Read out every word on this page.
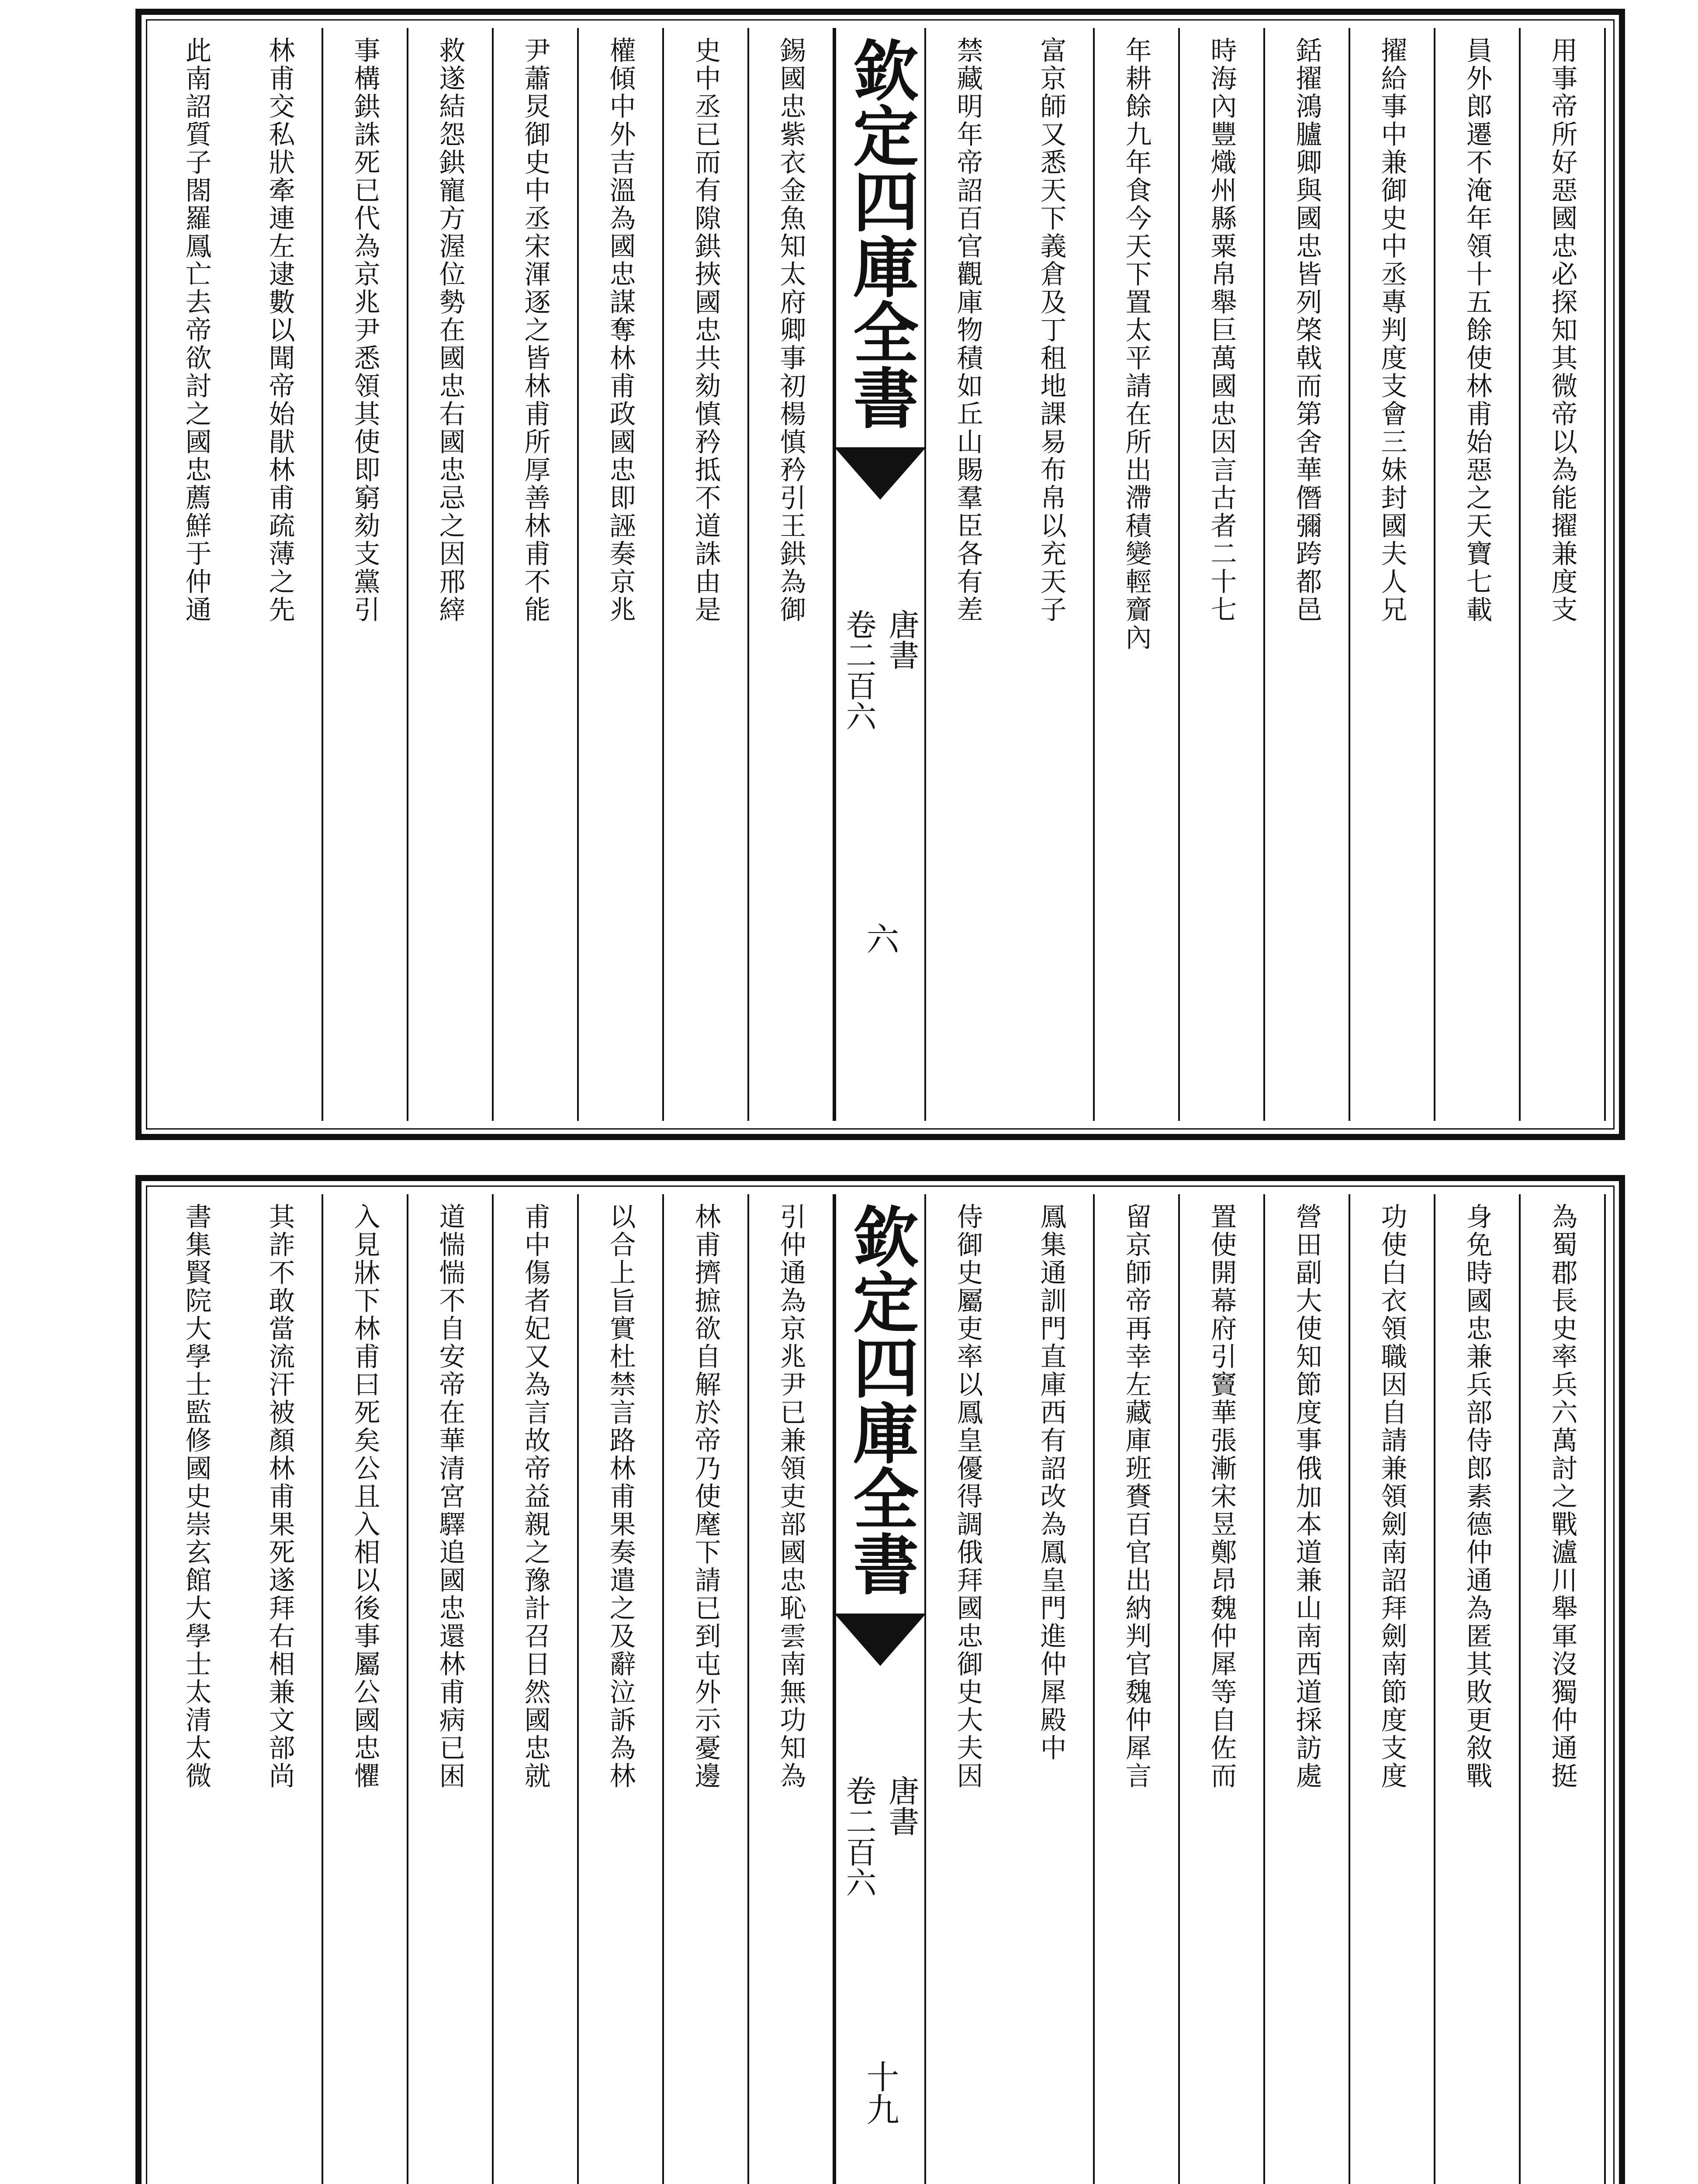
用事帝所好惡國忠必探知其微帝以為能擢兼度支
員外郎遷不淹年領十五餘使林甫始惡之天寶七載
擢給事中兼御史中丞專判度支會三妹封國夫人兄
銛擢鴻臚卿與國忠皆列棨戟而第舍華僭彌跨都邑
時海內豐熾州縣粟帛舉巨萬國忠因言古者二十七
年耕餘九年食今天下置太平請在所出滯積變輕齎內
富京師又悉天下義倉及丁租地課易布帛以充天子
禁藏明年帝詔百官觀庫物積如丘山賜羣臣各有差
欽定四庫全書
唐書
卷二百六
六
錫國忠紫衣金魚知太府卿事初楊慎矜引王鉷為御
史中丞已而有隙鉷挾國忠共劾慎矜抵不道誅由是
權傾中外吉溫為國忠謀奪林甫政國忠即誣奏京兆
尹蕭炅御史中丞宋渾逐之皆林甫所厚善林甫不能
救遂結怨鉷寵方渥位勢在國忠右國忠忌之因邢縡
事構鉷誅死已代為京兆尹悉領其使即窮劾支黨引
林甫交私狀牽連左逮數以聞帝始猒林甫疏薄之先
此南詔質子閤羅鳳亡去帝欲討之國忠薦鮮于仲通
為蜀郡長史率兵六萬討之戰瀘川舉軍沒獨仲通挺
身免時國忠兼兵部侍郎素德仲通為匿其敗更敘戰
功使白衣領職因自請兼領劍南詔拜劍南節度支度
營田副大使知節度事俄加本道兼山南西道採訪處
置使開幕府引竇華張漸宋昱鄭昂魏仲犀等自佐而
留京師帝再幸左藏庫班賚百官出納判官魏仲犀言
鳳集通訓門直庫西有詔改為鳳皇門進仲犀殿中
侍御史屬吏率以鳳皇優得調俄拜國忠御史大夫因
欽定四庫全書
唐書
卷二百六
十九
引仲通為京兆尹已兼領吏部國忠恥雲南無功知為
林甫擠摭欲自解於帝乃使麾下請已到屯外示憂邊
以合上旨實杜禁言路林甫果奏遣之及辭泣訴為林
甫中傷者妃又為言故帝益親之豫計召日然國忠就
道惴惴不自安帝在華清宮驛追國忠還林甫病已困
入見牀下林甫曰死矣公且入相以後事屬公國忠懼
其詐不敢當流汗被顏林甫果死遂拜右相兼文部尚
書集賢院大學士監修國史崇玄館大學士太清太微
